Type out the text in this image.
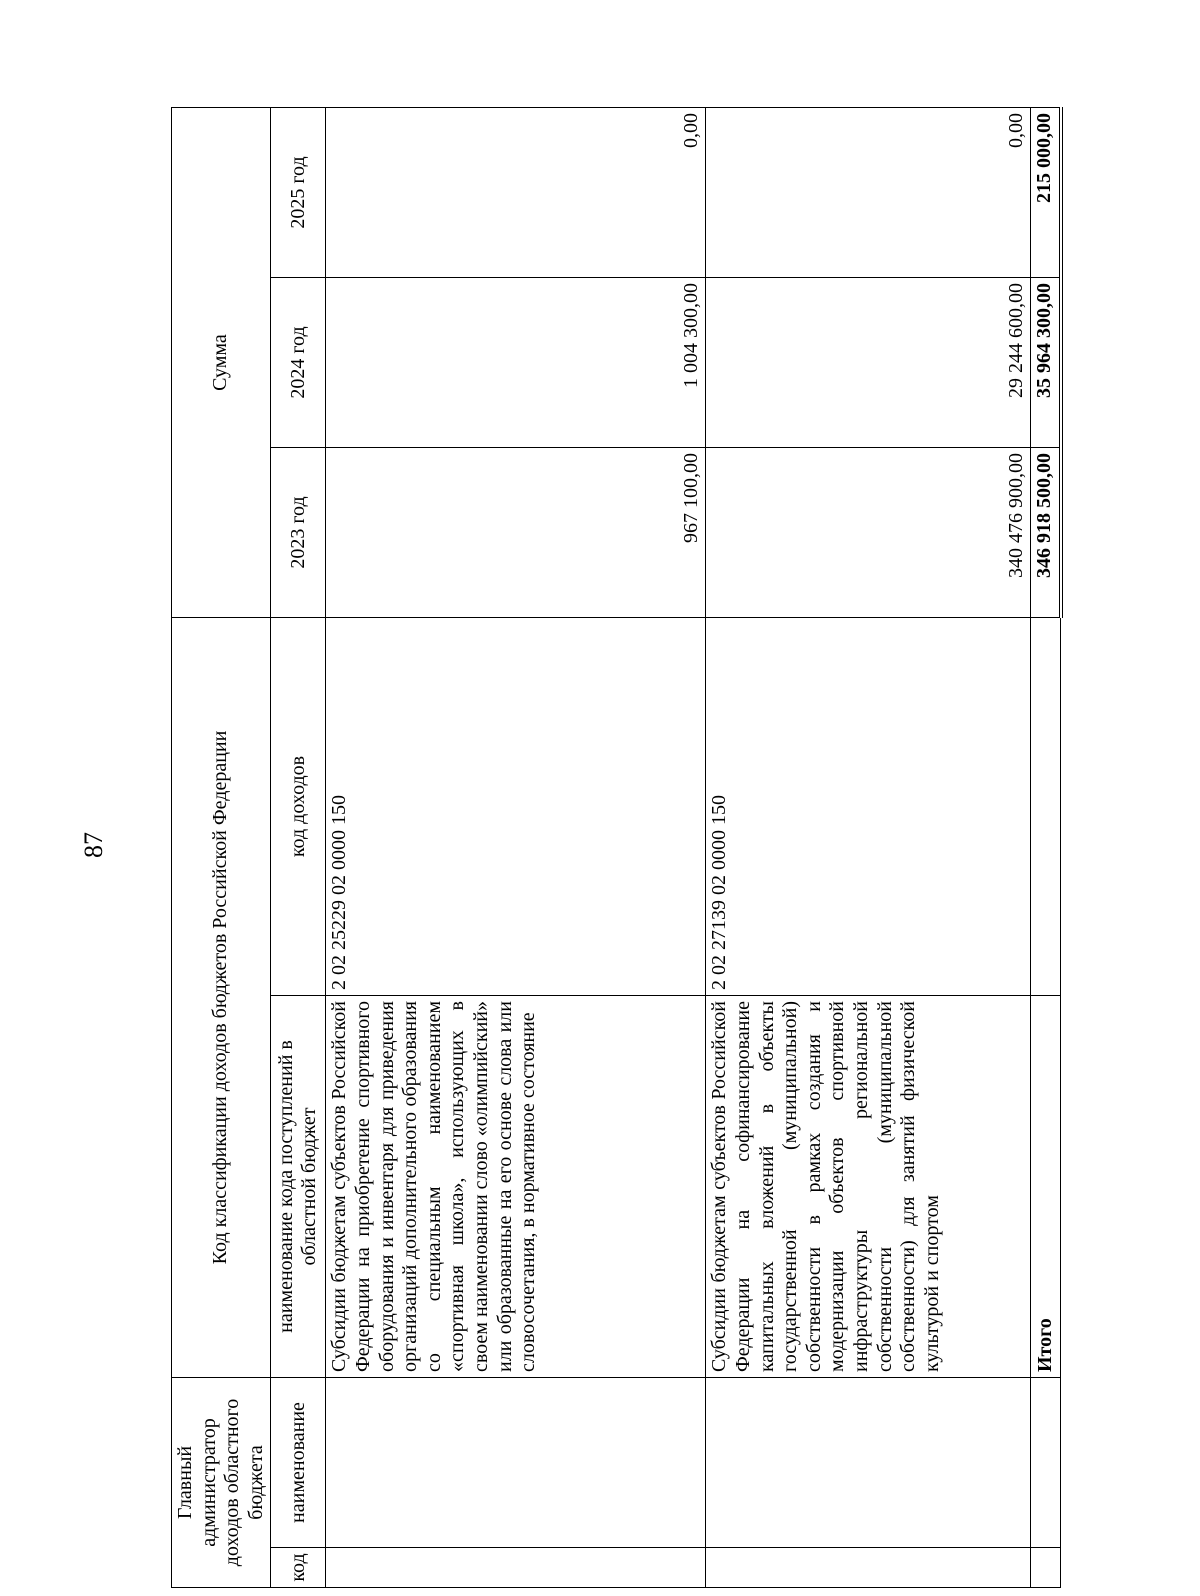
87
Главный администратор доходов областного бюджета		Код классификации доходов бюджетов Российской Федерации		Сумма		
код	наименование	наименование кода поступлений в областной бюджет	код доходов	2023 год	2024 год	2025 год
		Субсидии бюджетам субъектов Российской Федерации на приобретение спортивного оборудования и инвентаря для приведения организаций дополнительного образования со специальным наименованием «спортивная школа», использующих в своем наименовании слово «олимпийский» или образованные на его основе слова или словосочетания, в нормативное состояние	2 02 25229 02 0000 150	967 100,00	1 004 300,00	0,00
		Субсидии бюджетам субъектов Российской Федерации на софинансирование капитальных вложений в объекты государственной (муниципальной) собственности в рамках создания и модернизации объектов спортивной инфраструктуры региональной собственности (муниципальной собственности) для занятий физической культурой и спортом	2 02 27139 02 0000 150	340 476 900,00	29 244 600,00	0,00
		Итого		346 918 500,00	35 964 300,00	215 000,00
